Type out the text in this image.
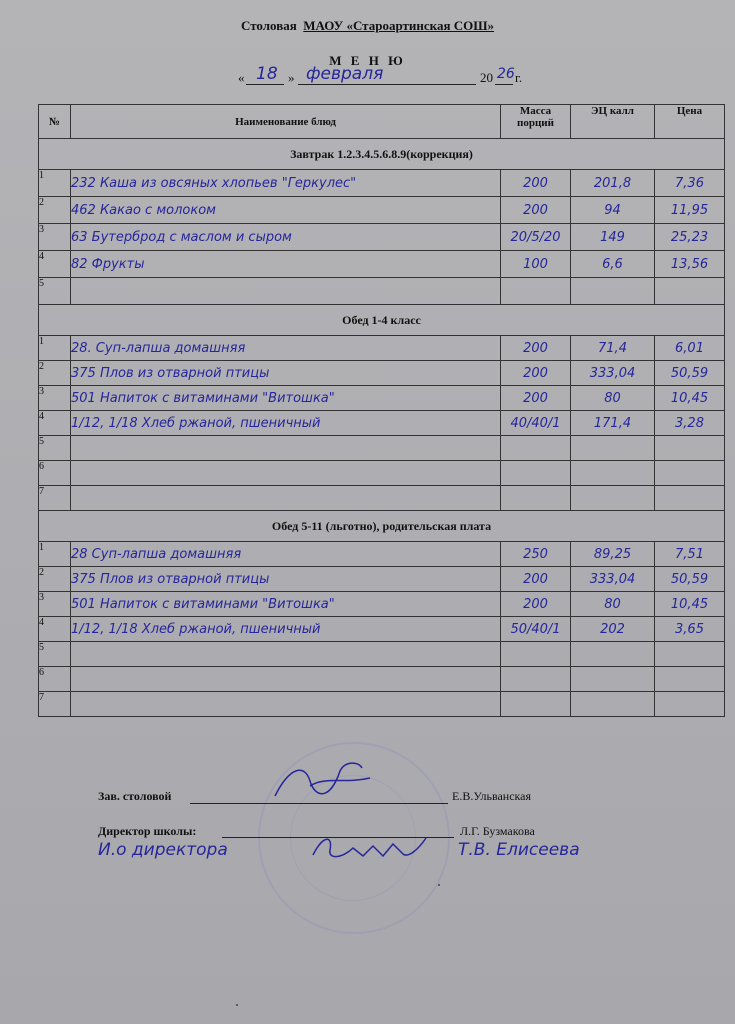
Столовая МАОУ «Староартинская СОШ»
М Е Н Ю
« 18 » февраля	20 26 г.
№	Наименование блюд	Масса порций	ЭЦ калл	Цена
Завтрак 1.2.3.4.5.6.8.9(коррекция)				
1	232 Каша из овсяных хлопьев "Геркулес"	200	201,8	7,36
2	462 Какао с молоком	200	94	11,95
3	63 Бутерброд с маслом и сыром	20/5/20	149	25,23
4	82 Фрукты	100	6,6	13,56
5				
Обед 1-4 класс				
1	28. Суп-лапша домашняя	200	71,4	6,01
2	375 Плов из отварной птицы	200	333,04	50,59
3	501 Напиток с витаминами "Витошка"	200	80	10,45
4	1/12, 1/18 Хлеб ржаной, пшеничный	40/40/1	171,4	3,28
5				
6				
7				
Обед 5-11 (льготно), родительская плата				
1	28 Суп-лапша домашняя	250	89,25	7,51
2	375 Плов из отварной птицы	200	333,04	50,59
3	501 Напиток с витаминами "Витошка"	200	80	10,45
4	1/12, 1/18 Хлеб ржаной, пшеничный	50/40/1	202	3,65
5				
6				
7				
Зав. столовой	Е.В.Ульванская
Директор школы:	Л.Г. Бузмакова
И.о директора	Т.В. Елисеева
